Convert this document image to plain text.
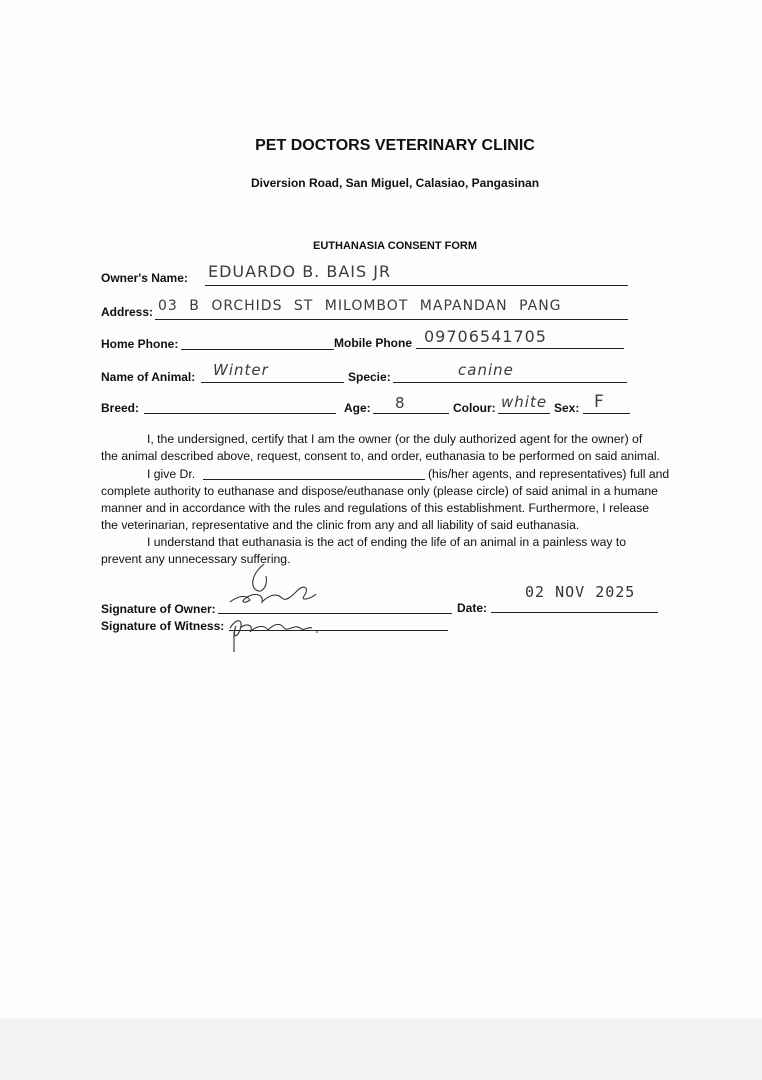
PET DOCTORS VETERINARY CLINIC
Diversion Road, San Miguel, Calasiao, Pangasinan
EUTHANASIA CONSENT FORM
Owner's Name: EDUARDO B. BAIS JR
Address: 03 B ORCHIDS ST MILOMBOT MAPANDAN PANG
Home Phone:	Mobile Phone 09706541705
Name of Animal: Winter	Specie:	canine
Breed:	Age: 8	Colour: white Sex: F
I, the undersigned, certify that I am the owner (or the duly authorized agent for the owner) of
the animal described above, request, consent to, and order, euthanasia to be performed on said animal.
I give Dr.	(his/her agents, and representatives) full and
complete authority to euthanase and dispose/euthanase only (please circle) of said animal in a humane
manner and in accordance with the rules and regulations of this establishment. Furthermore, I release
the veterinarian, representative and the clinic from any and all liability of said euthanasia.
I understand that euthanasia is the act of ending the life of an animal in a painless way to
prevent any unnecessary suffering.
Signature of Owner:
Signature of Witness:
Date:
02 NOV 2025
